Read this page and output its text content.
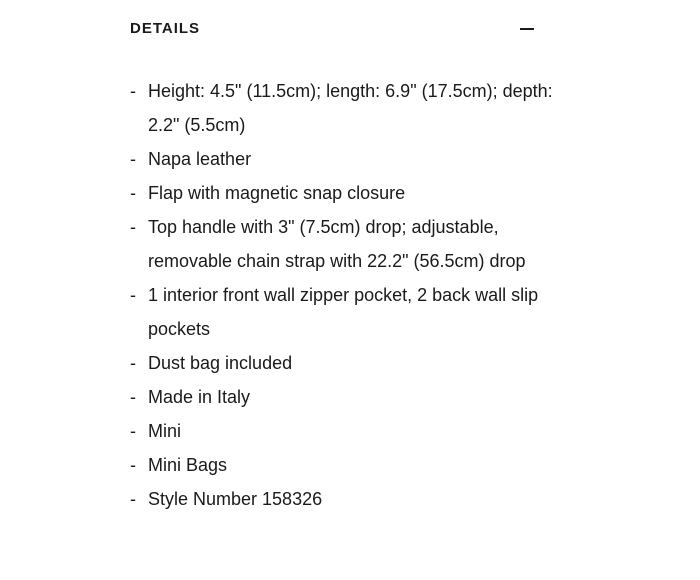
DETAILS
- Height: 4.5" (11.5cm); length: 6.9" (17.5cm); depth: 2.2" (5.5cm)
- Napa leather
- Flap with magnetic snap closure
- Top handle with 3" (7.5cm) drop; adjustable, removable chain strap with 22.2" (56.5cm) drop
- 1 interior front wall zipper pocket, 2 back wall slip pockets
- Dust bag included
- Made in Italy
- Mini
- Mini Bags
- Style Number 158326
